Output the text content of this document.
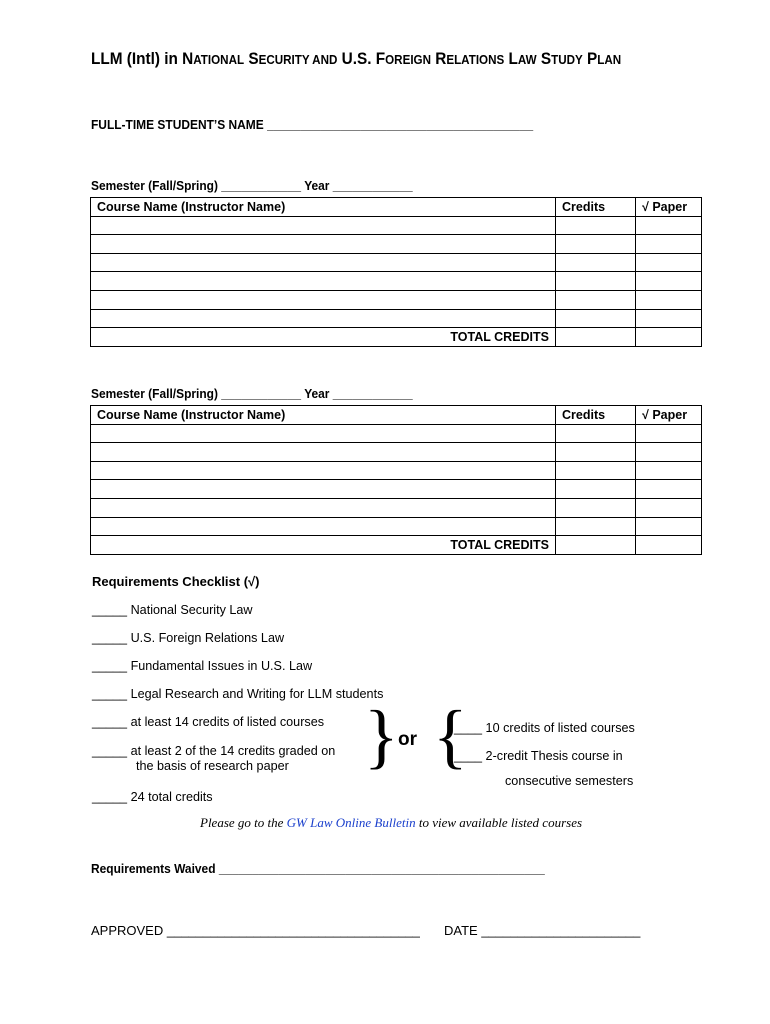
LLM (Intl) in NATIONAL SECURITY AND U.S. FOREIGN RELATIONS LAW STUDY PLAN
FULL-TIME STUDENT’S NAME ________________________________________
Semester (Fall/Spring) ____________ Year ____________
Course Name (Instructor Name)	Credits	√ Paper

TOTAL CREDITS		
Semester (Fall/Spring) ____________ Year ____________
Course Name (Instructor Name)	Credits	√ Paper

TOTAL CREDITS		
Requirements Checklist (√)
_____ National Security Law
_____ U.S. Foreign Relations Law
_____ Fundamental Issues in U.S. Law
_____ Legal Research and Writing for LLM students
_____ at least 14 credits of listed courses
_____ at least 2 of the 14 credits graded on
the basis of research paper } or {
____ 10 credits of listed courses
____ 2-credit Thesis course in
consecutive semesters
_____ 24 total credits
Please go to the GW Law Online Bulletin to view available listed courses
Requirements Waived _________________________________________________
APPROVED ___________________________________ DATE ______________________
